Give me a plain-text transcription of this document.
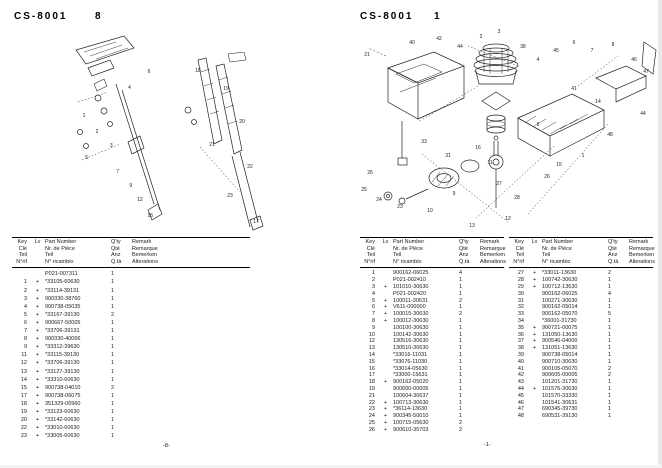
CS-8001	8
4
6
1
2
3
5
7
9
12
15
18
19
20
21
22
23
17
Key	Lv Part Number	Q'ty	Remark
Clé	Nr. de Pièce	Qté	Remarque
Teil	Teil	Anz	Bemerken
N°rif	N° ricambio	Q.tà	Alterations
P021-007311	1
1	+	*33105-60630	1
2	+	*33114-39131	1
3	+	900330-38760	1
4	+	900738-05035	1
5	+	*33167-39130	2
6	+	900667-50005	1
7	+	*33706-39131	1
8	+	900330-40066	1
9	+	*33312-39630	1
11	+	*33115-39130	1
12	+	*33706-39130	1
13	+	*33127-39130	1
14	+	*33310-60630	1
15	+	900738-04010	2
17	+	900738-06075	1
18	+	351329-06960	1
19	+	*33123-60630	1
20	+	*33142-60630	1
22	+	*33010-60630	1
23	+	*33005-60630	1
-8-
CS-8001 1
21
40
42
44
2
3
38
4
45
6
7
8
46
47
41
14
44
5
48
1
15
26
27
28
9
10
23
24
25
26
33
31
16
11
12
13
Key	Lv Part Number	Q'ty	Remark
Clé	Nr. de Pièce	Qté	Remarque
Teil	Teil	Anz	Bemerken
N°rif	N° ricambio	Q.tà	Alterations
1	900162-06025	4
2	P021-002410	1
3	+	101010-30630	1
4	P021-002420	1
5	+	100011-30631	2
6	+	V611-000000	1
7	+	100015-30630	2
8	+	100012-30630	1
9	100100-30630	1
10	100142-30630	1
12	130516-30630	1
13	130510-30630	1
14	*33016-11031	1
15	*33076-11030	1
16	*33014-05630	1
17	*33000-15631	1
18	+	900162-05020	1
19	900600-00005	1
21	100604-30637	1
22	+	100713-30630	1
23	+	*36114-13630	1
24	+	900345-50010	1
25	+	100715-05630	2
26	+	900610-35703	2
Key	Lv Part Number	Q'ty	Remark
Clé	Nr. de Pièce	Qté	Remarque
Teil	Teil	Anz	Bemerken
N°rif	N° ricambio	Q.tà	Alterations
27	+	*33011-13630	2
28	+	100742-30630	1
29	+	100712-13630	1
30	900162-06025	4
31	100271-30630	1
32	900162-05014	1
33	900162-05070	5
34	*36001-31730	1
35	+	900721-00075	1
36	+	131050-13630	1
37	+	900546-04000	1
38	+	131051-13630	1
39	900738-05014	1
40	900710-30630	1
41	900105-05070	2
42	900605-00005	2
43	101201-31730	1
44	+	101576-30630	1
45	101570-33330	1
46	101541-30631	1
47	690345-39730	1
48	690531-39130	1
-1-
